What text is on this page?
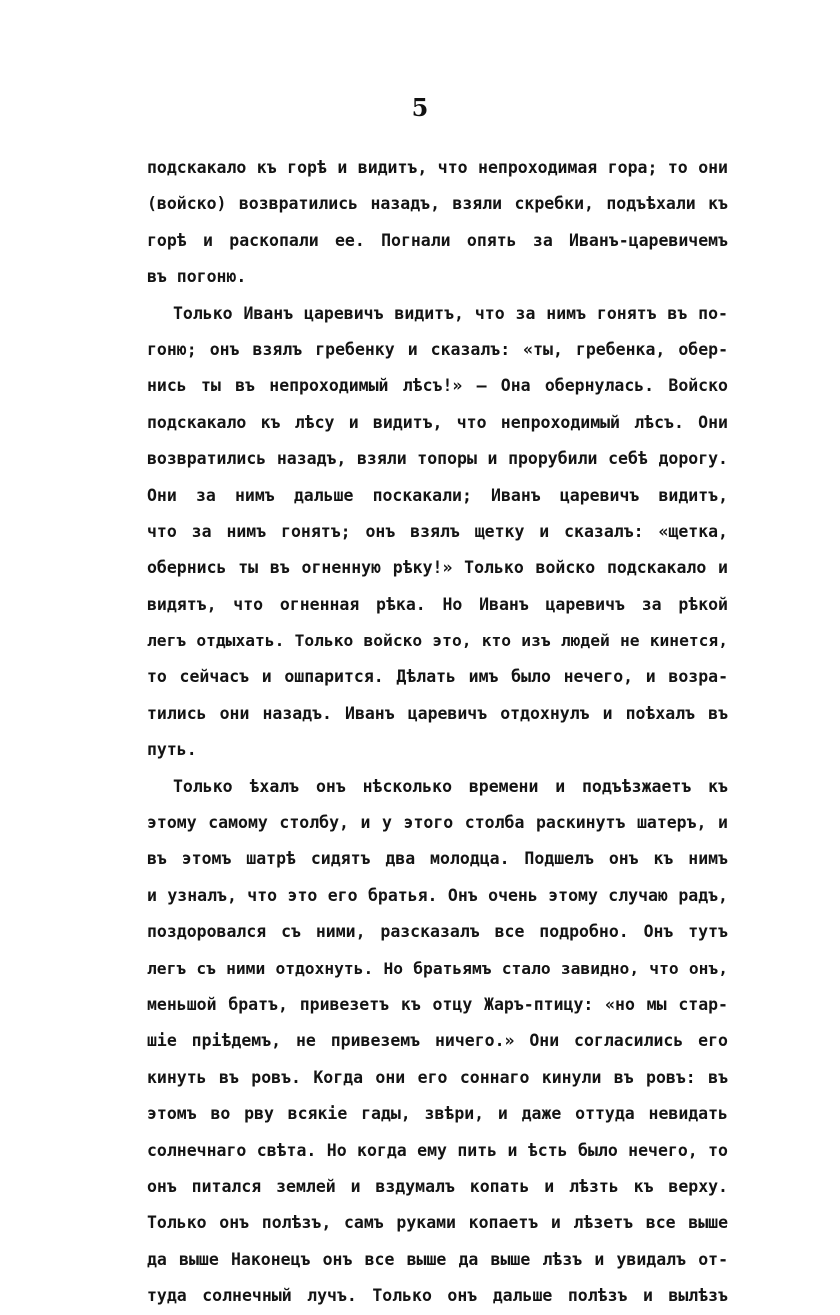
5
подскакало къ горѣ и видитъ, что непроходимая гора; то они
(войско) возвратились назадъ, взяли скребки, подъѣхали къ
горѣ и раскопали ее. Погнали опять за Иванъ-царевичемъ
въ погоню.
Только Иванъ царевичъ видитъ, что за нимъ гонятъ въ по-
гоню; онъ взялъ гребенку и сказалъ: «ты, гребенка, обер-
нись ты въ непроходимый лѣсъ!» — Она обернулась. Войско
подскакало къ лѣсу и видитъ, что непроходимый лѣсъ. Они
возвратились назадъ, взяли топоры и прорубили себѣ дорогу.
Они за нимъ дальше поскакали; Иванъ царевичъ видитъ,
что за нимъ гонятъ; онъ взялъ щетку и сказалъ: «щетка,
обернись ты въ огненную рѣку!» Только войско подскакало и
видятъ, что огненная рѣка. Но Иванъ царевичъ за рѣкой
легъ отдыхать. Только войско это, кто изъ людей не кинется,
то сейчасъ и ошпарится. Дѣлать имъ было нечего, и возра-
тились они назадъ. Иванъ царевичъ отдохнулъ и поѣхалъ въ
путь.
Только ѣхалъ онъ нѣсколько времени и подъѣзжаетъ къ
этому самому столбу, и у этого столба раскинутъ шатеръ, и
въ этомъ шатрѣ сидятъ два молодца. Подшелъ онъ къ нимъ
и узналъ, что это его братья. Онъ очень этому случаю радъ,
поздоровался съ ними, разсказалъ все подробно. Онъ тутъ
легъ съ ними отдохнуть. Но братьямъ стало завидно, что онъ,
меньшой братъ, привезетъ къ отцу Жаръ-птицу: «но мы стар-
шіе пріѣдемъ, не привеземъ ничего.» Они согласились его
кинуть въ ровъ. Когда они его соннаго кинули въ ровъ: въ
этомъ во рву всякіе гады, звѣри, и даже оттуда невидать
солнечнаго свѣта. Но когда ему пить и ѣсть было нечего, то
онъ питался землей и вздумалъ копать и лѣзть къ верху.
Только онъ полѣзъ, самъ руками копаетъ и лѣзетъ все выше
да выше Наконецъ онъ все выше да выше лѣзъ и увидалъ от-
туда солнечный лучъ. Только онъ дальше полѣзъ и вылѣзъ
